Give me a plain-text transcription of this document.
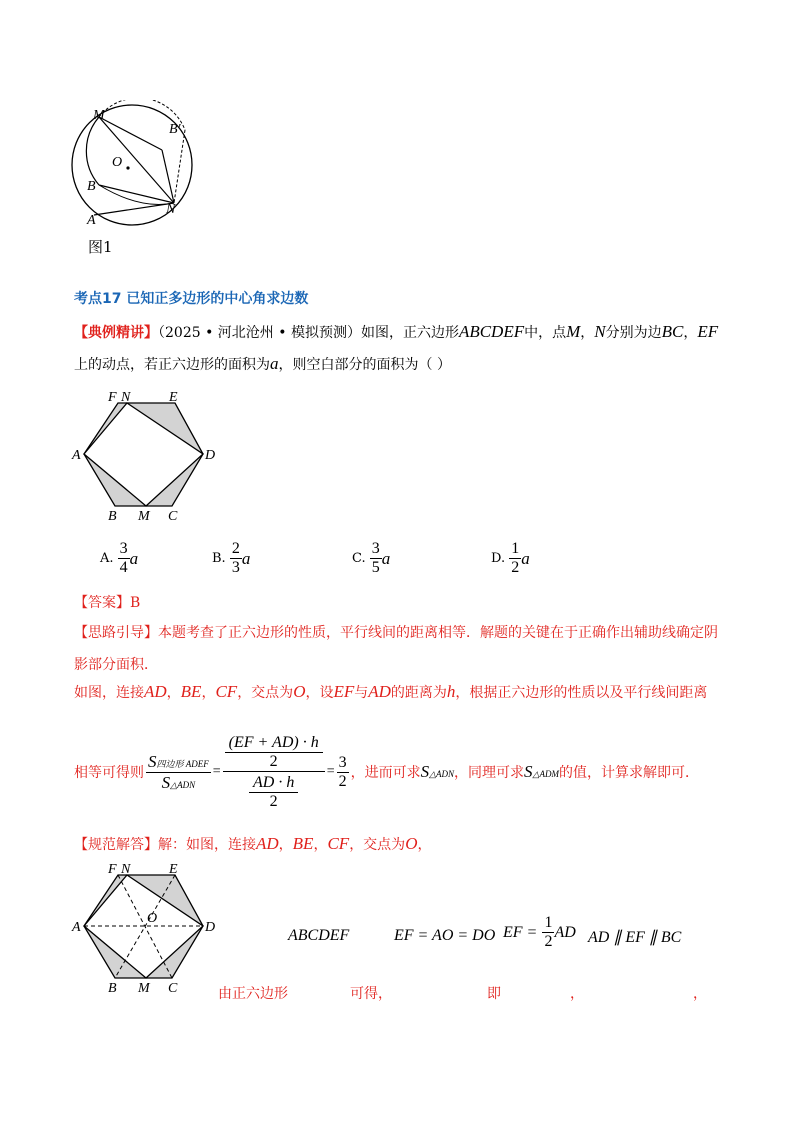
M
B′
O
B
A
N
图1
考点17 已知正多边形的中心角求边数
【典例精讲】（2025 • 河北沧州 • 模拟预测）如图，正六边形ABCDEF中，点M，N分别为边BC，EF
上的动点，若正六边形的面积为a，则空白部分的面积为（ ）
F N	E
A	D
B M C
A.
$\frac{3}{4}$ a	B.
$\frac{2}{3}$ a	C.
$\frac{3}{5}$ a	D.
$\frac{1}{2}$ a
【答案】B
【思路引导】本题考查了正六边形的性质，平行线间的距离相等．解题的关键在于正确作出辅助线确定阴
影部分面积．
如图，连接AD，BE，CF，交点为O，设EF与AD的距离为h，根据正六边形的性质以及平行线间距离
相等可得则 $\frac{\text{S四边形 ADEF}}{\text{S△ADN}} = (EF + AD) \cdot h$
2
AD · h
$2 = \frac{3}{2}$ ，进而可求 S△ADN ，同理可求 S△ADM 的值，计算求解即可．
【规范解答】解：如图，连接AD，BE，CF，交点为O，
F N	E
A
O
D
B M C
ABCDEF	EF = AO = DO EF =
$\frac{1}{2}$ AD AD ∥ EF ∥ BC
由正六边形	可得，	即	，	，
